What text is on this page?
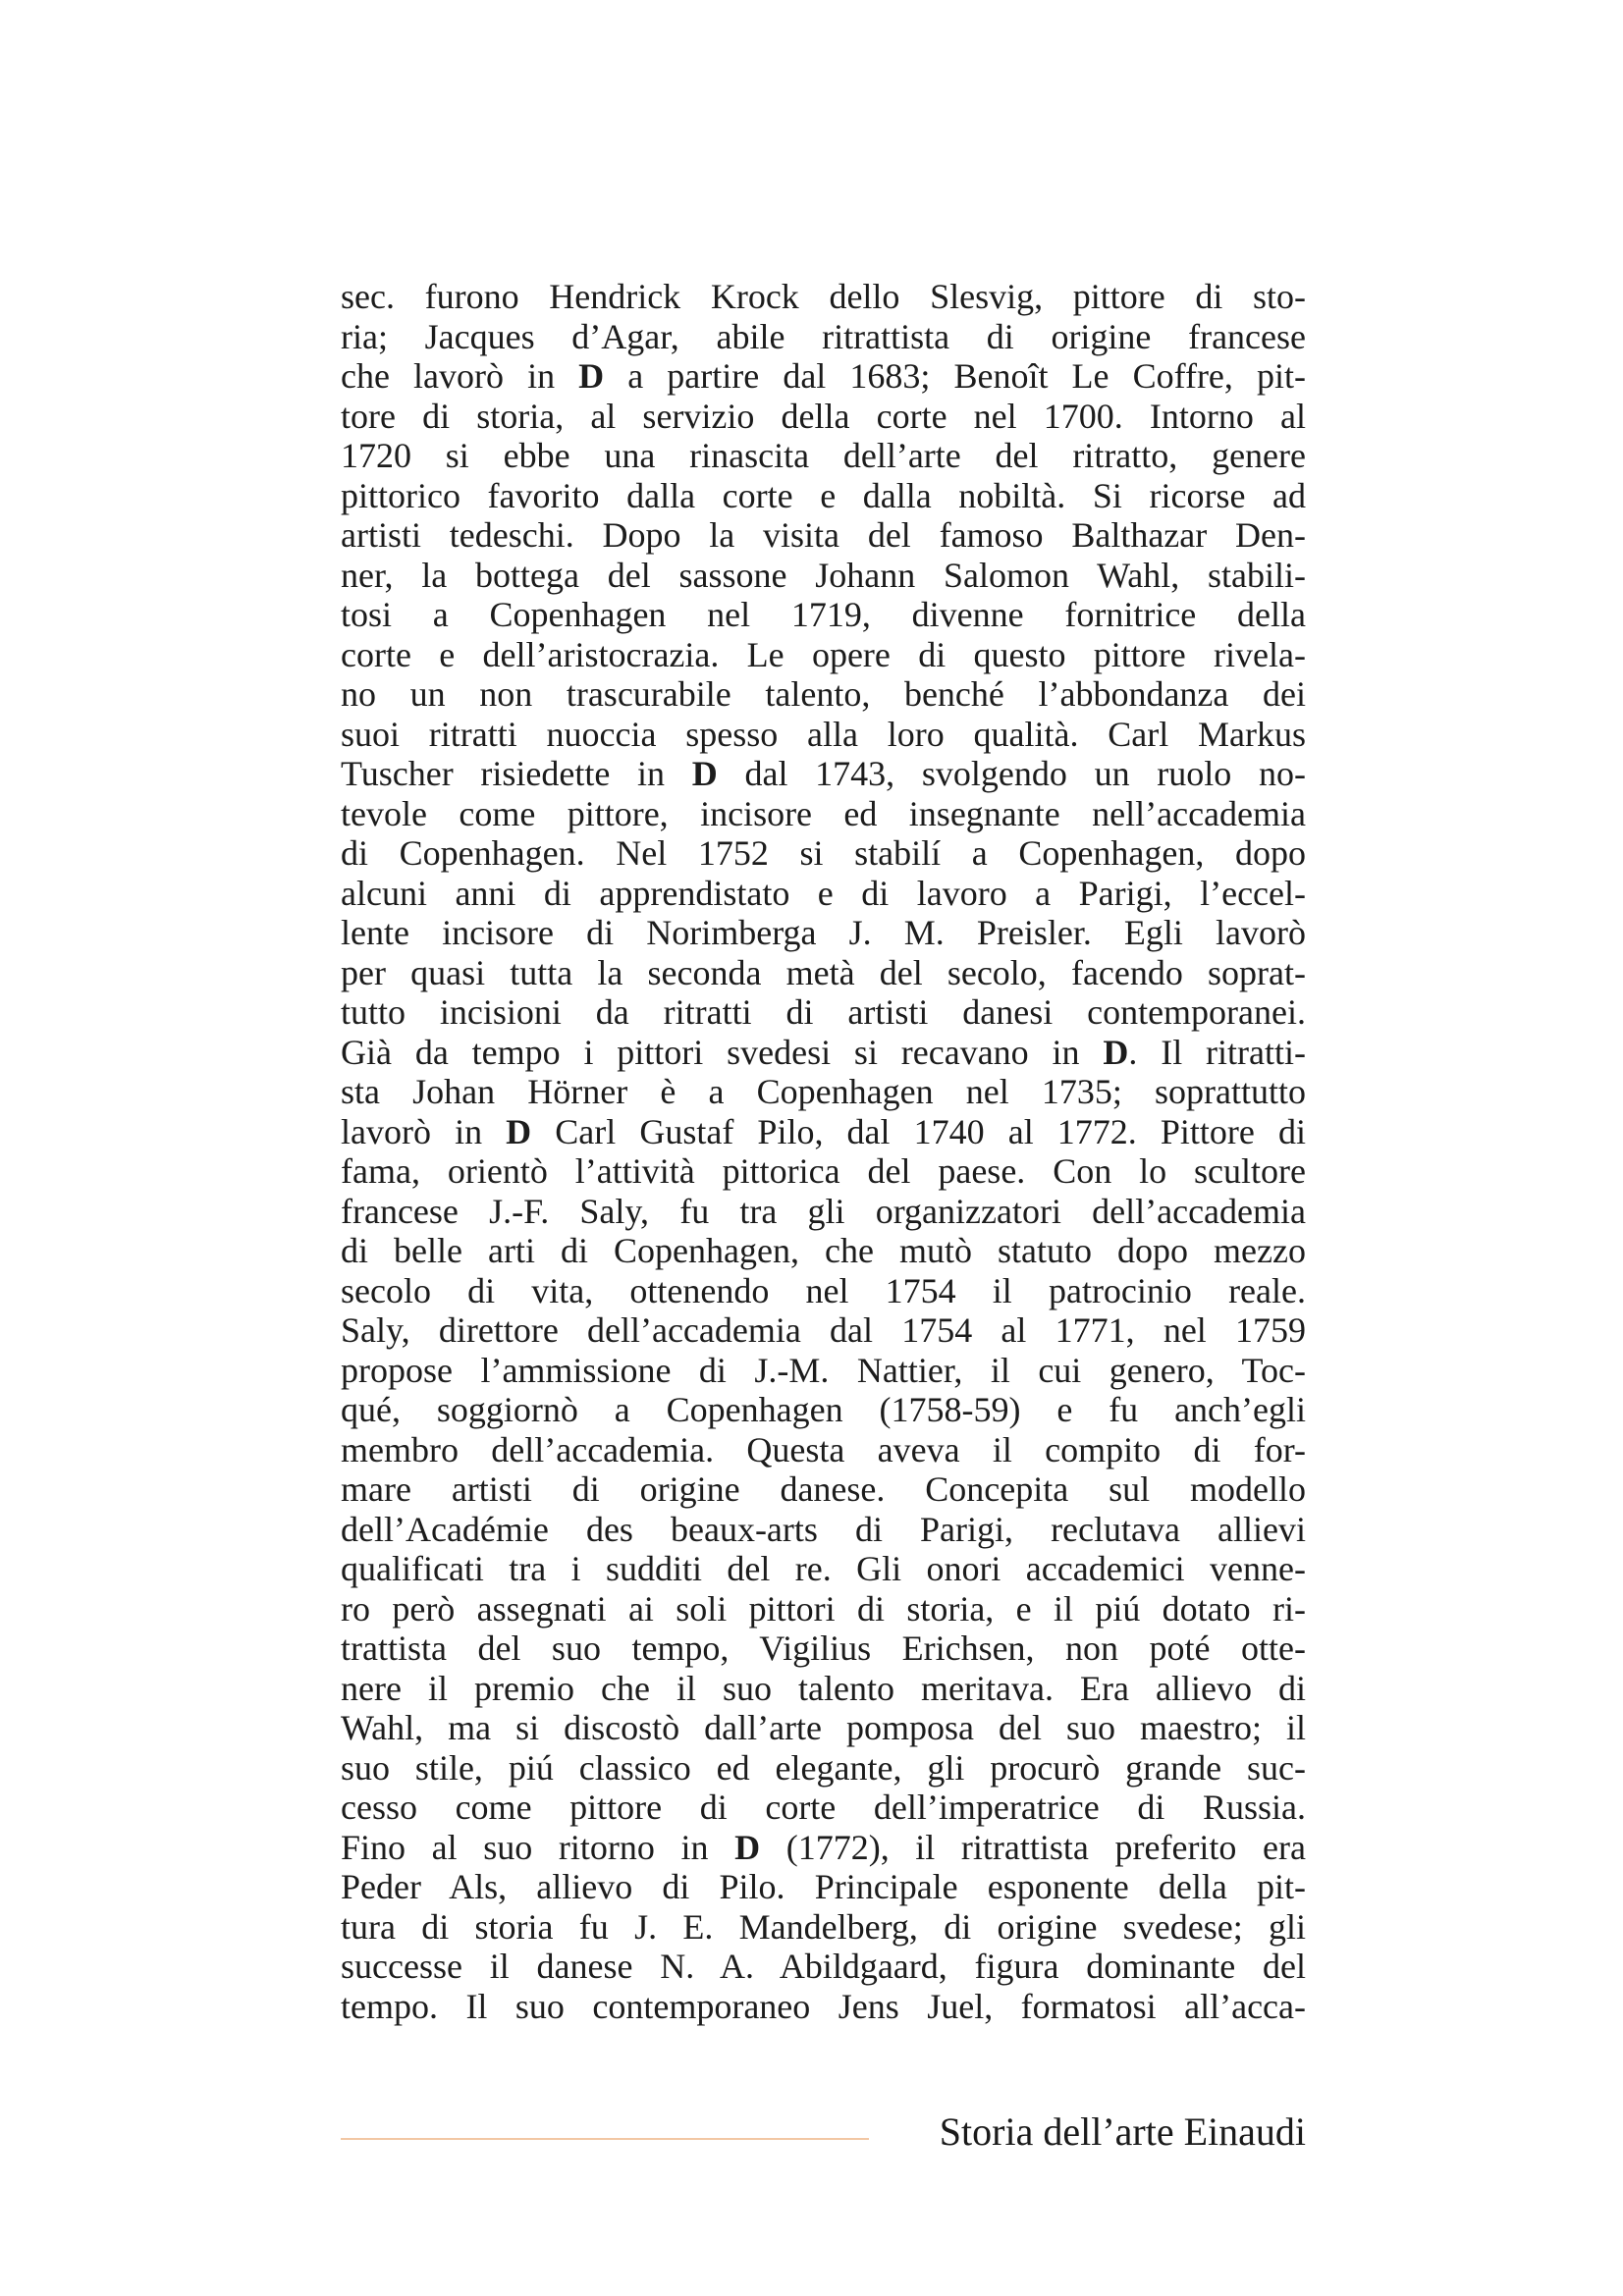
sec. furono Hendrick Krock dello Slesvig, pittore di sto-
ria; Jacques d’Agar, abile ritrattista di origine francese
che lavorò in D a partire dal 1683; Benoît Le Coffre, pit-
tore di storia, al servizio della corte nel 1700. Intorno al
1720 si ebbe una rinascita dell’arte del ritratto, genere
pittorico favorito dalla corte e dalla nobiltà. Si ricorse ad
artisti tedeschi. Dopo la visita del famoso Balthazar Den-
ner, la bottega del sassone Johann Salomon Wahl, stabili-
tosi a Copenhagen nel 1719, divenne fornitrice della
corte e dell’aristocrazia. Le opere di questo pittore rivela-
no un non trascurabile talento, benché l’abbondanza dei
suoi ritratti nuoccia spesso alla loro qualità. Carl Markus
Tuscher risiedette in D dal 1743, svolgendo un ruolo no-
tevole come pittore, incisore ed insegnante nell’accademia
di Copenhagen. Nel 1752 si stabilí a Copenhagen, dopo
alcuni anni di apprendistato e di lavoro a Parigi, l’eccel-
lente incisore di Norimberga J. M. Preisler. Egli lavorò
per quasi tutta la seconda metà del secolo, facendo soprat-
tutto incisioni da ritratti di artisti danesi contemporanei.
Già da tempo i pittori svedesi si recavano in D. Il ritratti-
sta Johan Hörner è a Copenhagen nel 1735; soprattutto
lavorò in D Carl Gustaf Pilo, dal 1740 al 1772. Pittore di
fama, orientò l’attività pittorica del paese. Con lo scultore
francese J.-F. Saly, fu tra gli organizzatori dell’accademia
di belle arti di Copenhagen, che mutò statuto dopo mezzo
secolo di vita, ottenendo nel 1754 il patrocinio reale.
Saly, direttore dell’accademia dal 1754 al 1771, nel 1759
propose l’ammissione di J.-M. Nattier, il cui genero, Toc-
qué, soggiornò a Copenhagen (1758-59) e fu anch’egli
membro dell’accademia. Questa aveva il compito di for-
mare artisti di origine danese. Concepita sul modello
dell’Académie des beaux-arts di Parigi, reclutava allievi
qualificati tra i sudditi del re. Gli onori accademici venne-
ro però assegnati ai soli pittori di storia, e il piú dotato ri-
trattista del suo tempo, Vigilius Erichsen, non poté otte-
nere il premio che il suo talento meritava. Era allievo di
Wahl, ma si discostò dall’arte pomposa del suo maestro; il
suo stile, piú classico ed elegante, gli procurò grande suc-
cesso come pittore di corte dell’imperatrice di Russia.
Fino al suo ritorno in D (1772), il ritrattista preferito era
Peder Als, allievo di Pilo. Principale esponente della pit-
tura di storia fu J. E. Mandelberg, di origine svedese; gli
successe il danese N. A. Abildgaard, figura dominante del
tempo. Il suo contemporaneo Jens Juel, formatosi all’acca-
Storia dell’arte Einaudi
